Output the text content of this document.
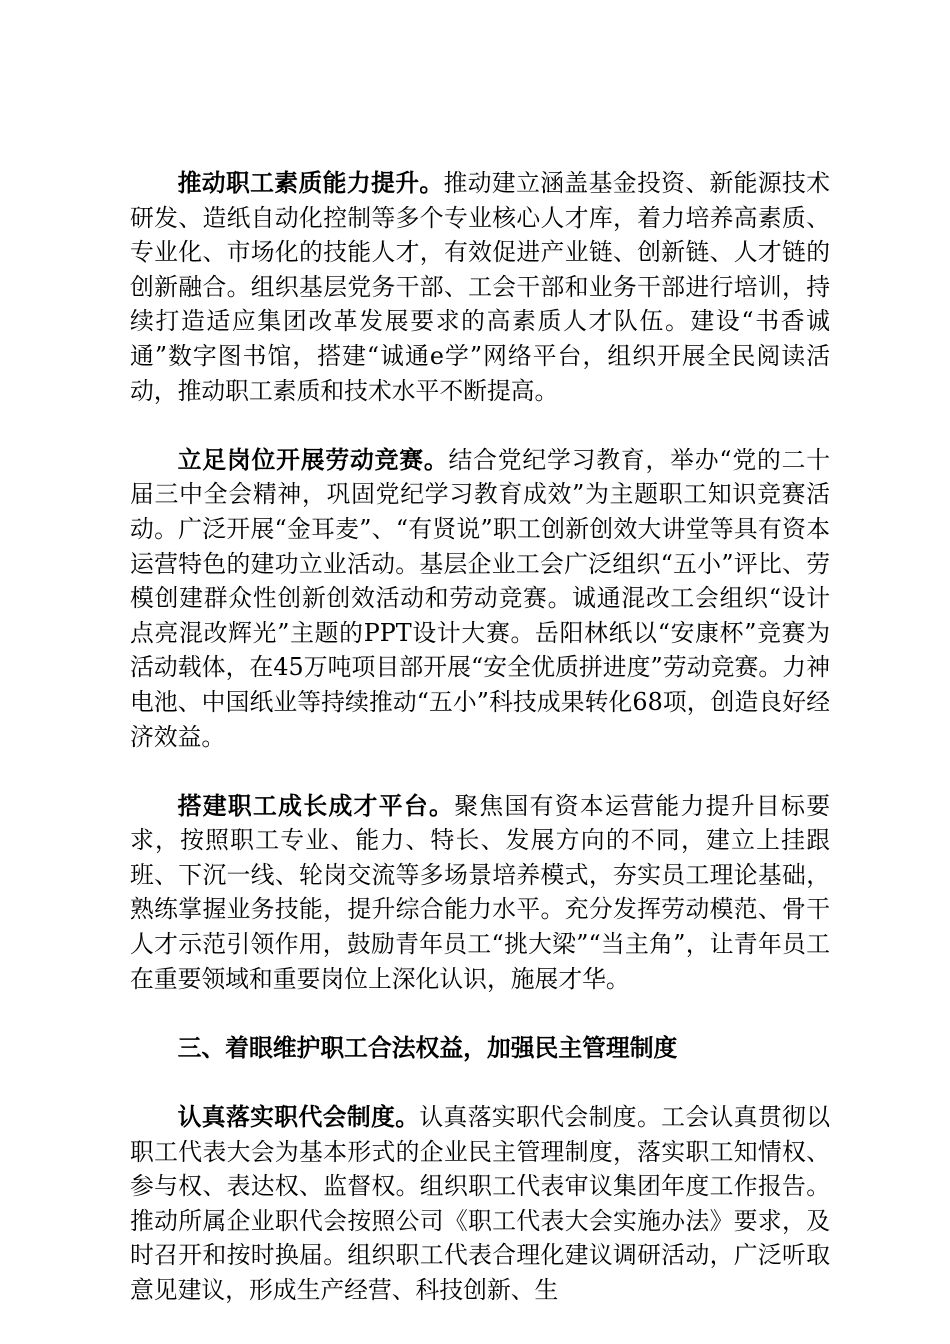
推动职工素质能力提升。推动建立涵盖基金投资、新能源技术研发、造纸自动化控制等多个专业核心人才库，着力培养高素质、专业化、市场化的技能人才，有效促进产业链、创新链、人才链的创新融合。组织基层党务干部、工会干部和业务干部进行培训，持续打造适应集团改革发展要求的高素质人才队伍。建设“书香诚通”数字图书馆，搭建“诚通e学”网络平台，组织开展全民阅读活动，推动职工素质和技术水平不断提高。

立足岗位开展劳动竞赛。结合党纪学习教育，举办“党的二十届三中全会精神，巩固党纪学习教育成效”为主题职工知识竞赛活动。广泛开展“金耳麦”、“有贤说”职工创新创效大讲堂等具有资本运营特色的建功立业活动。基层企业工会广泛组织“五小”评比、劳模创建群众性创新创效活动和劳动竞赛。诚通混改工会组织“设计点亮混改辉光”主题的PPT设计大赛。岳阳林纸以“安康杯”竞赛为活动载体，在45万吨项目部开展“安全优质拼进度”劳动竞赛。力神电池、中国纸业等持续推动“五小”科技成果转化68项，创造良好经济效益。

搭建职工成长成才平台。聚焦国有资本运营能力提升目标要求，按照职工专业、能力、特长、发展方向的不同，建立上挂跟班、下沉一线、轮岗交流等多场景培养模式，夯实员工理论基础，熟练掌握业务技能，提升综合能力水平。充分发挥劳动模范、骨干人才示范引领作用，鼓励青年员工“挑大梁”“当主角”，让青年员工在重要领域和重要岗位上深化认识，施展才华。

三、着眼维护职工合法权益，加强民主管理制度

认真落实职代会制度。认真落实职代会制度。工会认真贯彻以职工代表大会为基本形式的企业民主管理制度，落实职工知情权、参与权、表达权、监督权。组织职工代表审议集团年度工作报告。推动所属企业职代会按照公司《职工代表大会实施办法》要求，及时召开和按时换届。组织职工代表合理化建议调研活动，广泛听取意见建议，形成生产经营、科技创新、生
